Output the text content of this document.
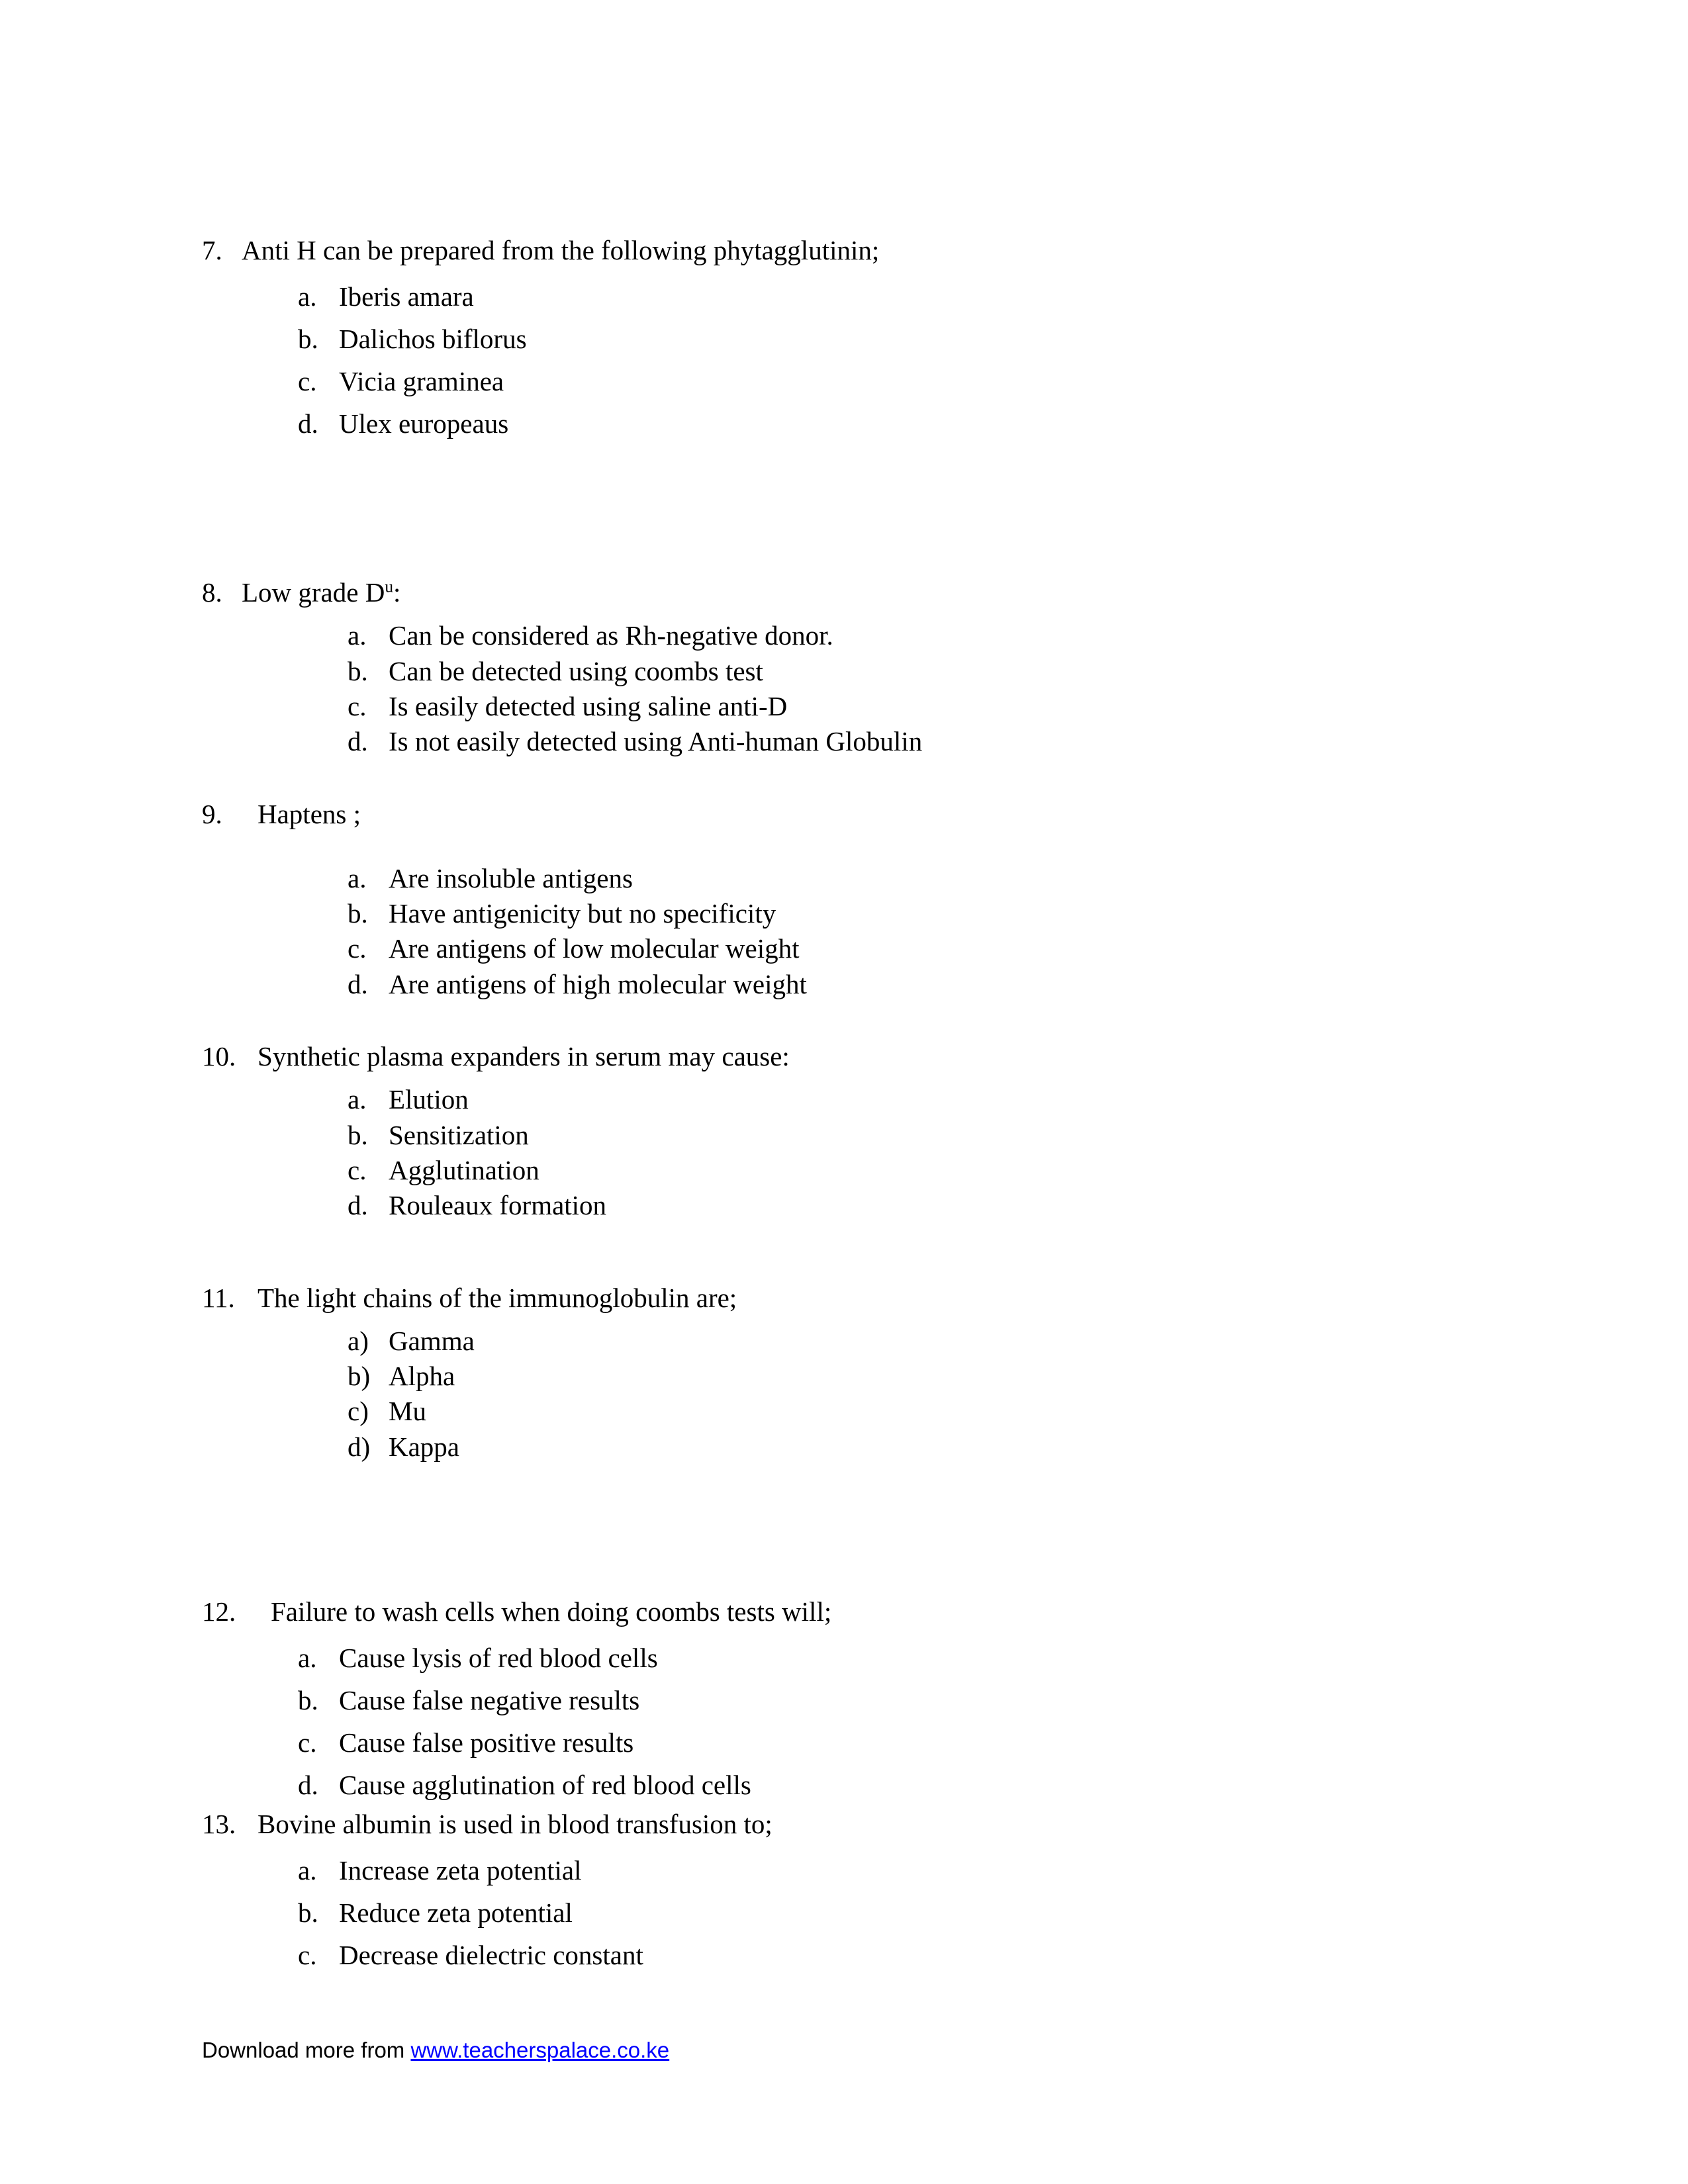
7. Anti H can be prepared from the following phytagglutinin;
a. Iberis amara
b. Dalichos biflorus
c. Vicia graminea
d. Ulex europeaus
8. Low grade $D^u$:
a. Can be considered as Rh-negative donor.
b. Can be detected using coombs test
c. Is easily detected using saline anti-D
d. Is not easily detected using Anti-human Globulin
9.	Haptens ;
a. Are insoluble antigens
b. Have antigenicity but no specificity
c. Are antigens of low molecular weight
d. Are antigens of high molecular weight
10. Synthetic plasma expanders in serum may cause:
a. Elution
b. Sensitization
c. Agglutination
d. Rouleaux formation
11. The light chains of the immunoglobulin are;
a) Gamma
b) Alpha
c) Mu
d) Kappa
12.	Failure to wash cells when doing coombs tests will;
a. Cause lysis of red blood cells
b. Cause false negative results
c. Cause false positive results
d. Cause agglutination of red blood cells
13. Bovine albumin is used in blood transfusion to;
a. Increase zeta potential
b. Reduce zeta potential
c. Decrease dielectric constant
Download more from www.teacherspalace.co.ke
